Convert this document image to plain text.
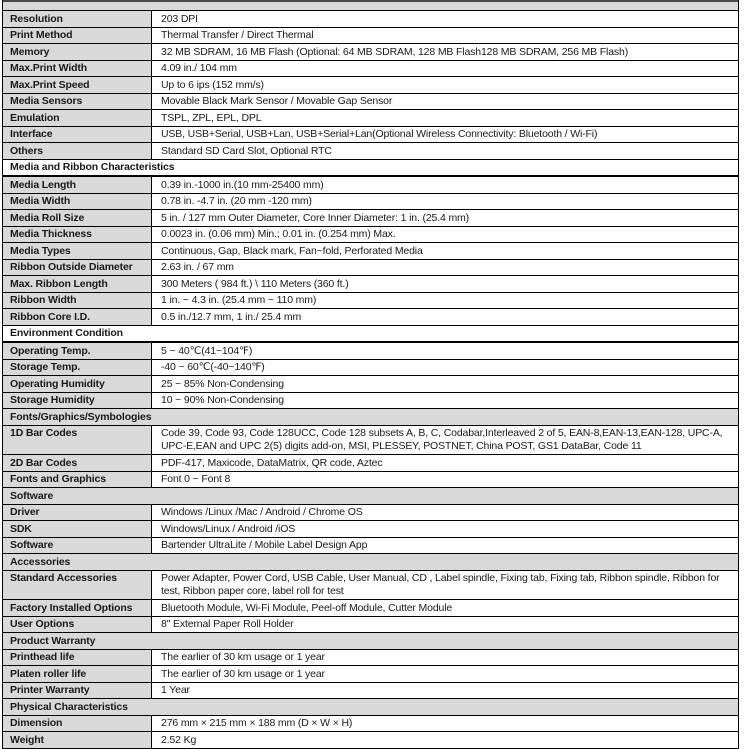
Resolution	203 DPI
Print Method	Thermal Transfer / Direct Thermal
Memory	32 MB SDRAM, 16 MB Flash (Optional: 64 MB SDRAM, 128 MB Flash128 MB SDRAM, 256 MB Flash)
Max.Print Width	4.09 in./ 104 mm
Max.Print Speed	Up to 6 ips (152 mm/s)
Media Sensors	Movable Black Mark Sensor / Movable Gap Sensor
Emulation	TSPL, ZPL, EPL, DPL
Interface	USB, USB+Serial, USB+Lan, USB+Serial+Lan(Optional Wireless Connectivity: Bluetooth / Wi-Fi)
Others	Standard SD Card Slot, Optional RTC
Media and Ribbon Characteristics
Media Length	0.39 in.-1000 in.(10 mm-25400 mm)
Media Width	0.78 in. -4.7 in. (20 mm -120 mm)
Media Roll Size	5 in. / 127 mm Outer Diameter, Core Inner Diameter: 1 in. (25.4 mm)
Media Thickness	0.0023 in. (0.06 mm) Min.; 0.01 in. (0.254 mm) Max.
Media Types	Continuous, Gap, Black mark, Fan~fold, Perforated Media
Ribbon Outside Diameter	2.63 in. / 67 mm
Max. Ribbon Length	300 Meters ( 984 ft.) \ 110 Meters (360 ft.)
Ribbon Width	1 in. ~ 4.3 in. (25.4 mm ~ 110 mm)
Ribbon Core I.D.	0.5 in./12.7 mm, 1 in./ 25.4 mm
Environment Condition
Operating Temp.	5 ~ 40℃(41~104℉)
Storage Temp.	-40 ~ 60℃(-40~140℉)
Operating Humidity	25 ~ 85% Non-Condensing
Storage Humidity	10 ~ 90% Non-Condensing
Fonts/Graphics/Symbologies
1D Bar Codes	Code 39, Code 93, Code 128UCC, Code 128 subsets A, B, C, Codabar,Interleaved 2 of 5, EAN-8,EAN-13,EAN-128, UPC-A, UPC-E,EAN and UPC 2(5) digits add-on, MSI, PLESSEY, POSTNET, China POST, GS1 DataBar, Code 11
2D Bar Codes	PDF-417, Maxicode, DataMatrix, QR code, Aztec
Fonts and Graphics	Font 0 ~ Font 8
Software
Driver	Windows /Linux /Mac / Android / Chrome OS
SDK	Windows/Linux / Android /iOS
Software	Bartender UltraLite / Mobile Label Design App
Accessories
Standard Accessories	Power Adapter, Power Cord, USB Cable, User Manual, CD , Label spindle, Fixing tab, Fixing tab, Ribbon spindle, Ribbon for test, Ribbon paper core, label roll for test
Factory Installed Options	Bluetooth Module, Wi-Fi Module, Peel-off Module, Cutter Module
User Options	8" External Paper Roll Holder
Product Warranty
Printhead life	The earlier of 30 km usage or 1 year
Platen roller life	The earlier of 30 km usage or 1 year
Printer Warranty	1 Year
Physical Characteristics
Dimension	276 mm × 215 mm × 188 mm (D × W × H)
Weight	2.52 Kg
